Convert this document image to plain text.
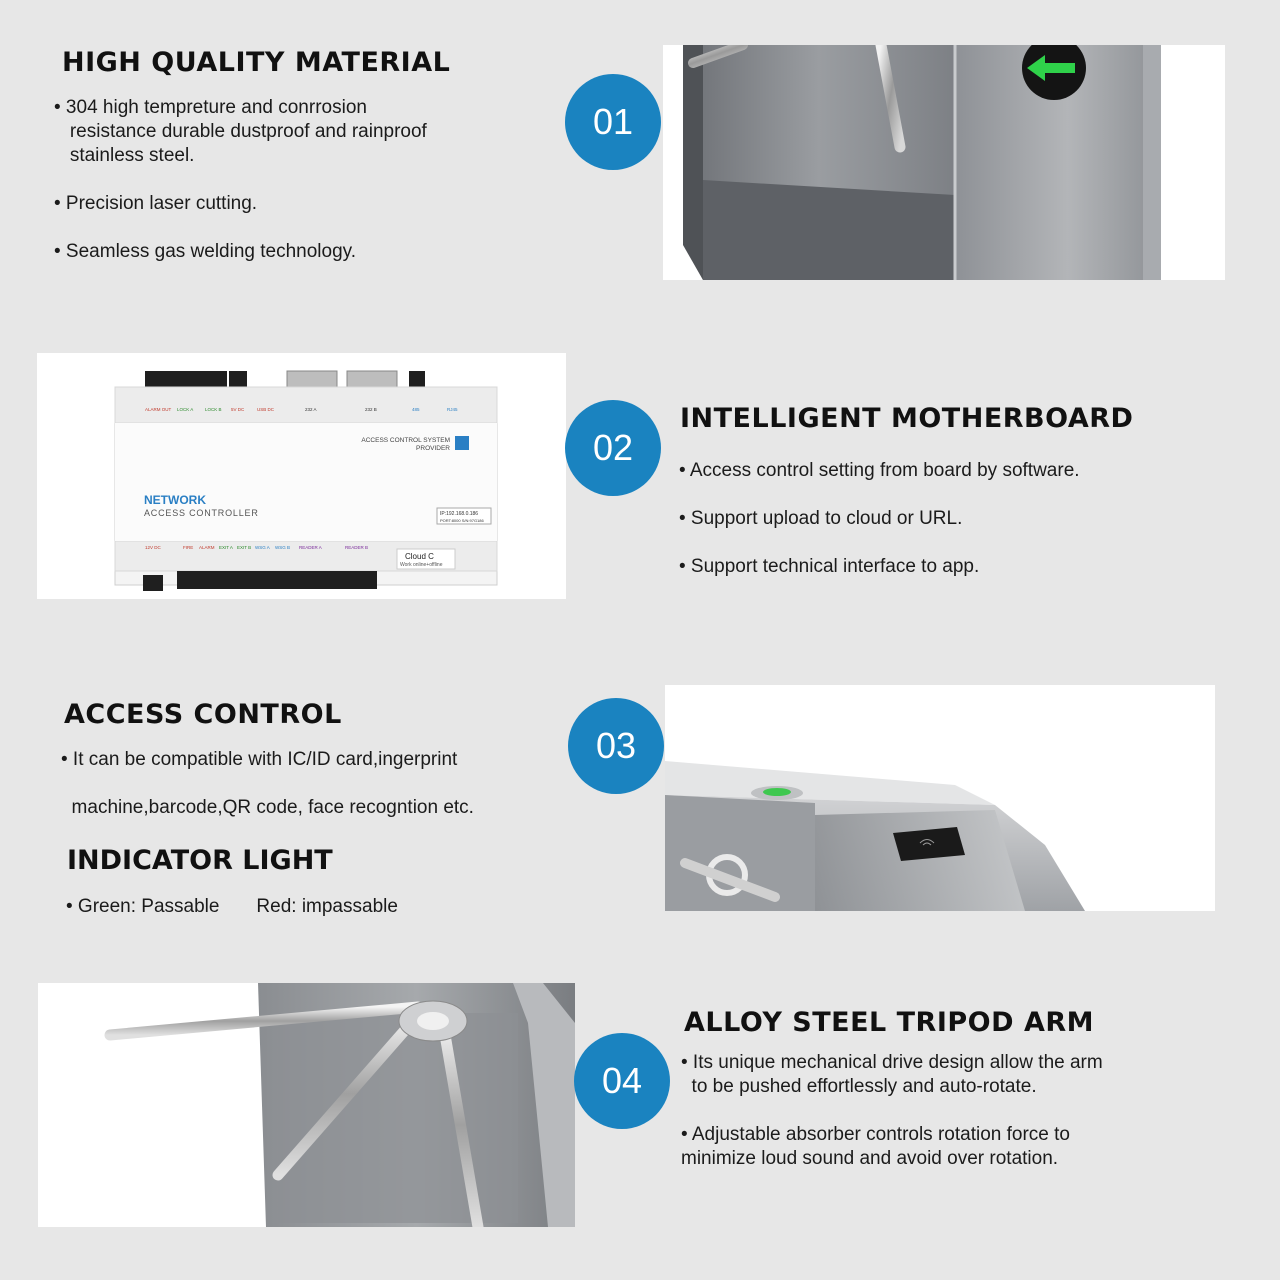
HIGH QUALITY MATERIAL

• 304 high tempreture and conrrosion
resistance durable dustproof and rainproof
stainless steel.

• Precision laser cutting.

• Seamless gas welding technology.

01
ACCESS CONTROL SYSTEM
PROVIDER
NETWORK
ACCESS CONTROLLER	IP:192.168.0.186
PORT:8000 S/N:97G186
Cloud C
Work online+offline
ALARM OUT LOCK A	LOCK B 5V DC	USB DC	232 A	232 B	485	RJ45
12V DC	FIRE ALARM EXIT A EXIT B WSG A WSG B READER A	READER B
02
INTELLIGENT MOTHERBOARD

• Access control setting from board by software.

• Support upload to cloud or URL.

• Support technical interface to app.

ACCESS CONTROL

• It can be compatible with IC/ID card,ingerprint

machine,barcode,QR code, face recogntion etc.

INDICATOR LIGHT

• Green: Passable       Red: impassable

03
04
ALLOY STEEL TRIPOD ARM

• Its unique mechanical drive design allow the arm
to be pushed effortlessly and auto-rotate.

• Adjustable absorber controls rotation force to
minimize loud sound and avoid over rotation.
